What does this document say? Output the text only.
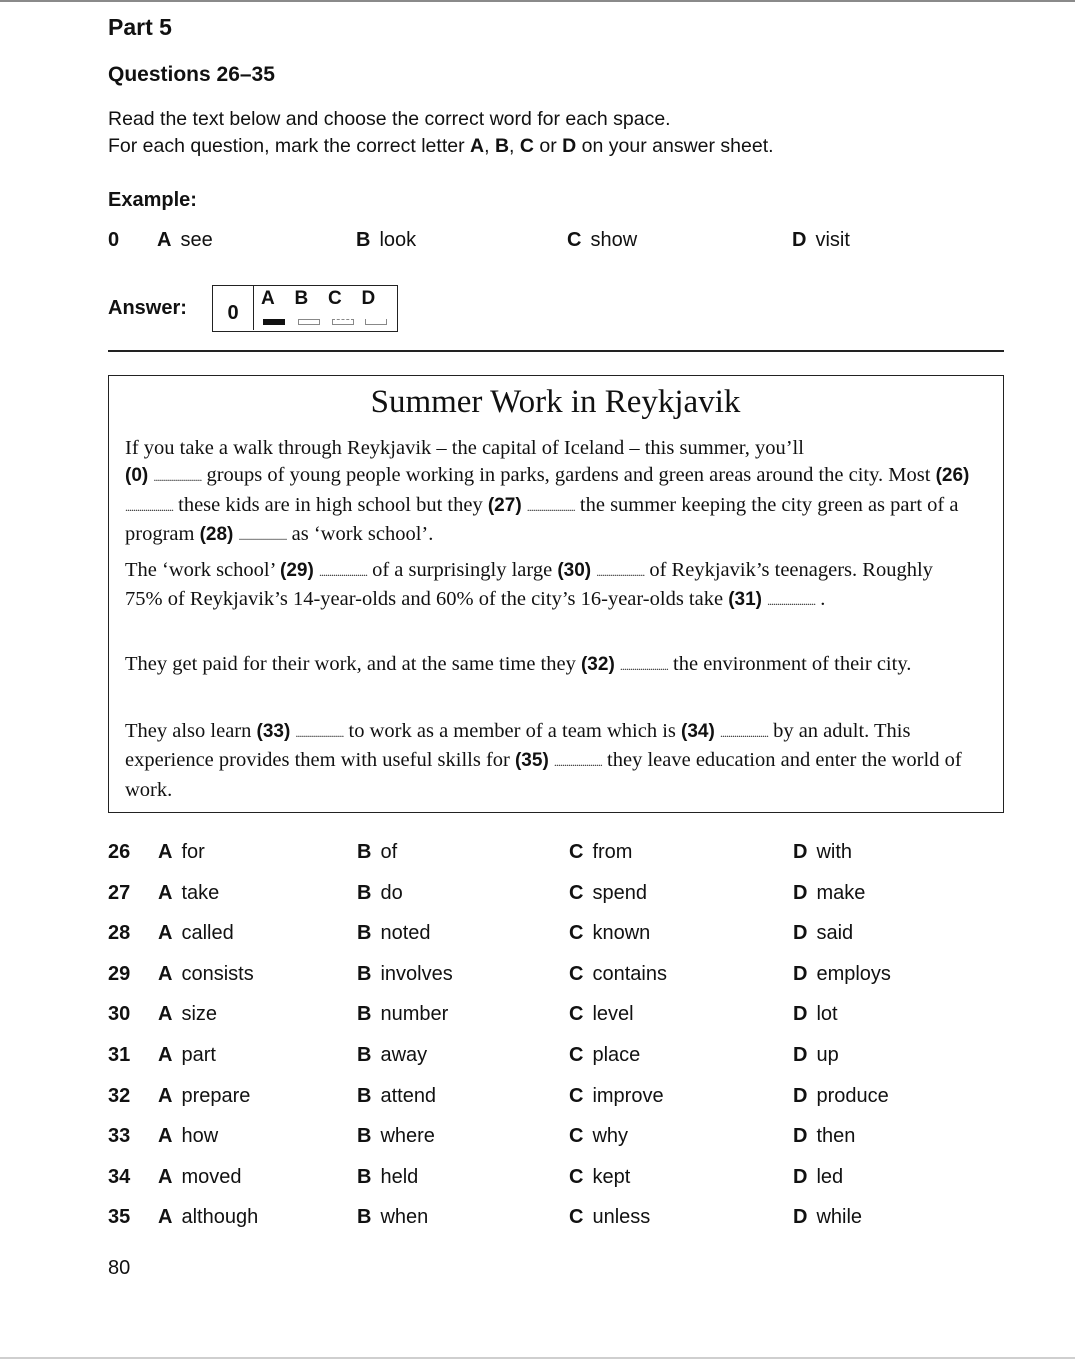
Part 5
Questions 26–35
Read the text below and choose the correct word for each space.
For each question, mark the correct letter A, B, C or D on your answer sheet.
Example:
0 A see	B look	C show	D visit
Answer:	0
A B C D
Summer Work in Reykjavik
If you take a walk through Reykjavik – the capital of Iceland – this summer, you’ll
(0) ........................ groups of young people working in parks, gardens and green areas around the city. Most (26) ........................ these kids are in high school but they (27) ........................ the summer keeping the city green as part of a program (28) ........................ as ‘work school’.
The ‘work school’ (29) ........................ of a surprisingly large (30) ........................ of Reykjavik’s teenagers. Roughly 75% of Reykjavik’s 14-year-olds and 60% of the city’s 16-year-olds take (31) ........................ .
They get paid for their work, and at the same time they (32) ........................ the environment of their city.
They also learn (33) ........................ to work as a member of a team which is (34) ........................ by an adult. This experience provides them with useful skills for (35) ........................ they leave education and enter the world of work.
26 A for	B of	C from	D with
27 A take	B do	C spend	D make
28 A called	B noted	C known	D said
29 A consists	B involves	C contains	D employs
30 A size	B number	C level	D lot
31 A part	B away	C place	D up
32 A prepare	B attend	C improve	D produce
33 A how	B where	C why	D then
34 A moved	B held	C kept	D led
35 A although	B when	C unless	D while
80
